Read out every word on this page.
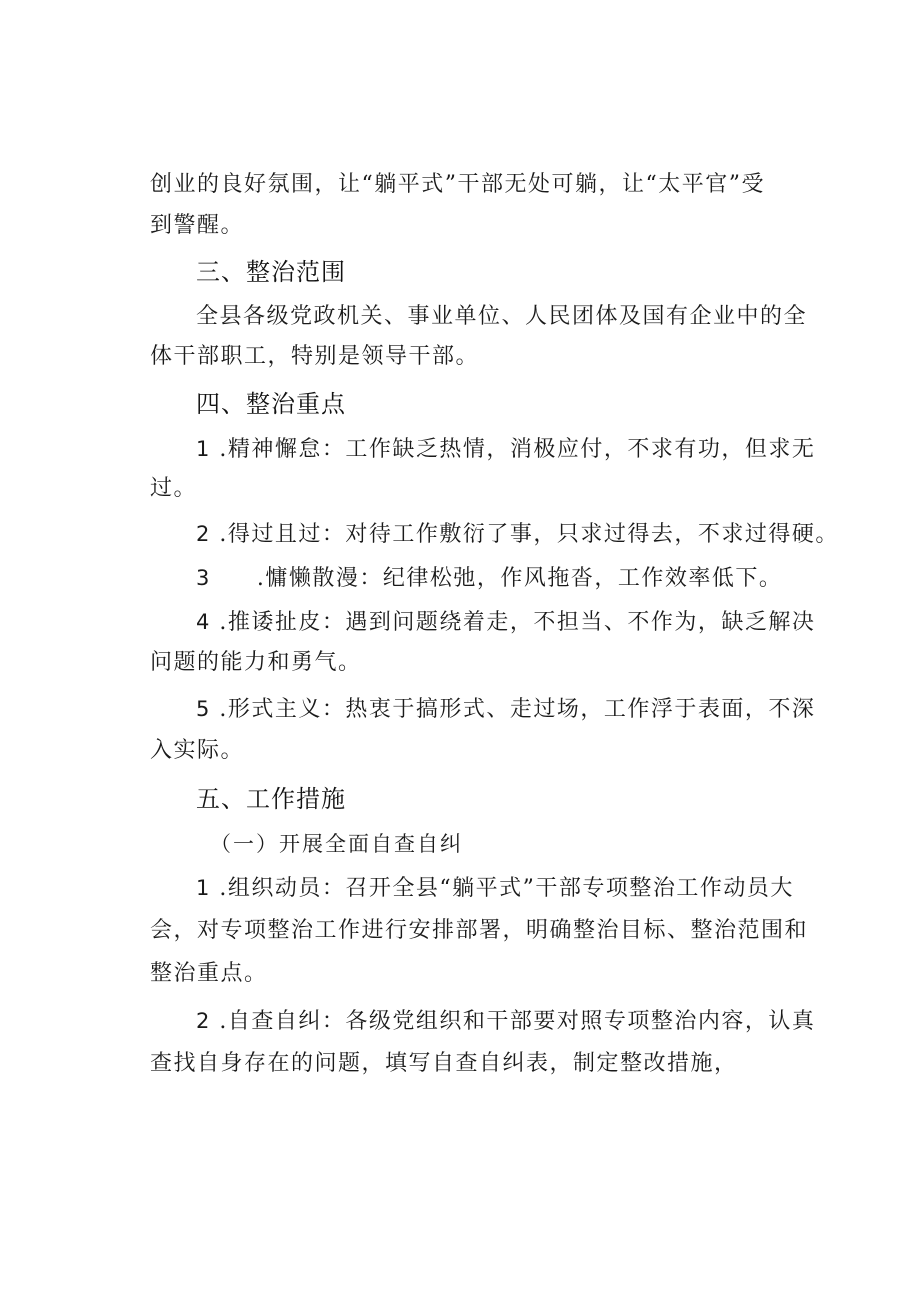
创业的良好氛围，让“躺平式”干部无处可躺，让“太平官”受
到警醒。
三、整治范围
全县各级党政机关、事业单位、人民团体及国有企业中的全
体干部职工，特别是领导干部。
四、整治重点
1 .精神懈怠：工作缺乏热情，消极应付，不求有功，但求无
过。
2 .得过且过：对待工作敷衍了事，只求过得去，不求过得硬。
3 .慵懒散漫：纪律松弛，作风拖沓，工作效率低下。
4 .推诿扯皮：遇到问题绕着走，不担当、不作为，缺乏解决
问题的能力和勇气。
5 .形式主义：热衷于搞形式、走过场，工作浮于表面，不深
入实际。
五、工作措施
（一）开展全面自查自纠
1 .组织动员：召开全县“躺平式”干部专项整治工作动员大
会，对专项整治工作进行安排部署，明确整治目标、整治范围和
整治重点。
2 .自查自纠：各级党组织和干部要对照专项整治内容，认真
查找自身存在的问题，填写自查自纠表，制定整改措施，
